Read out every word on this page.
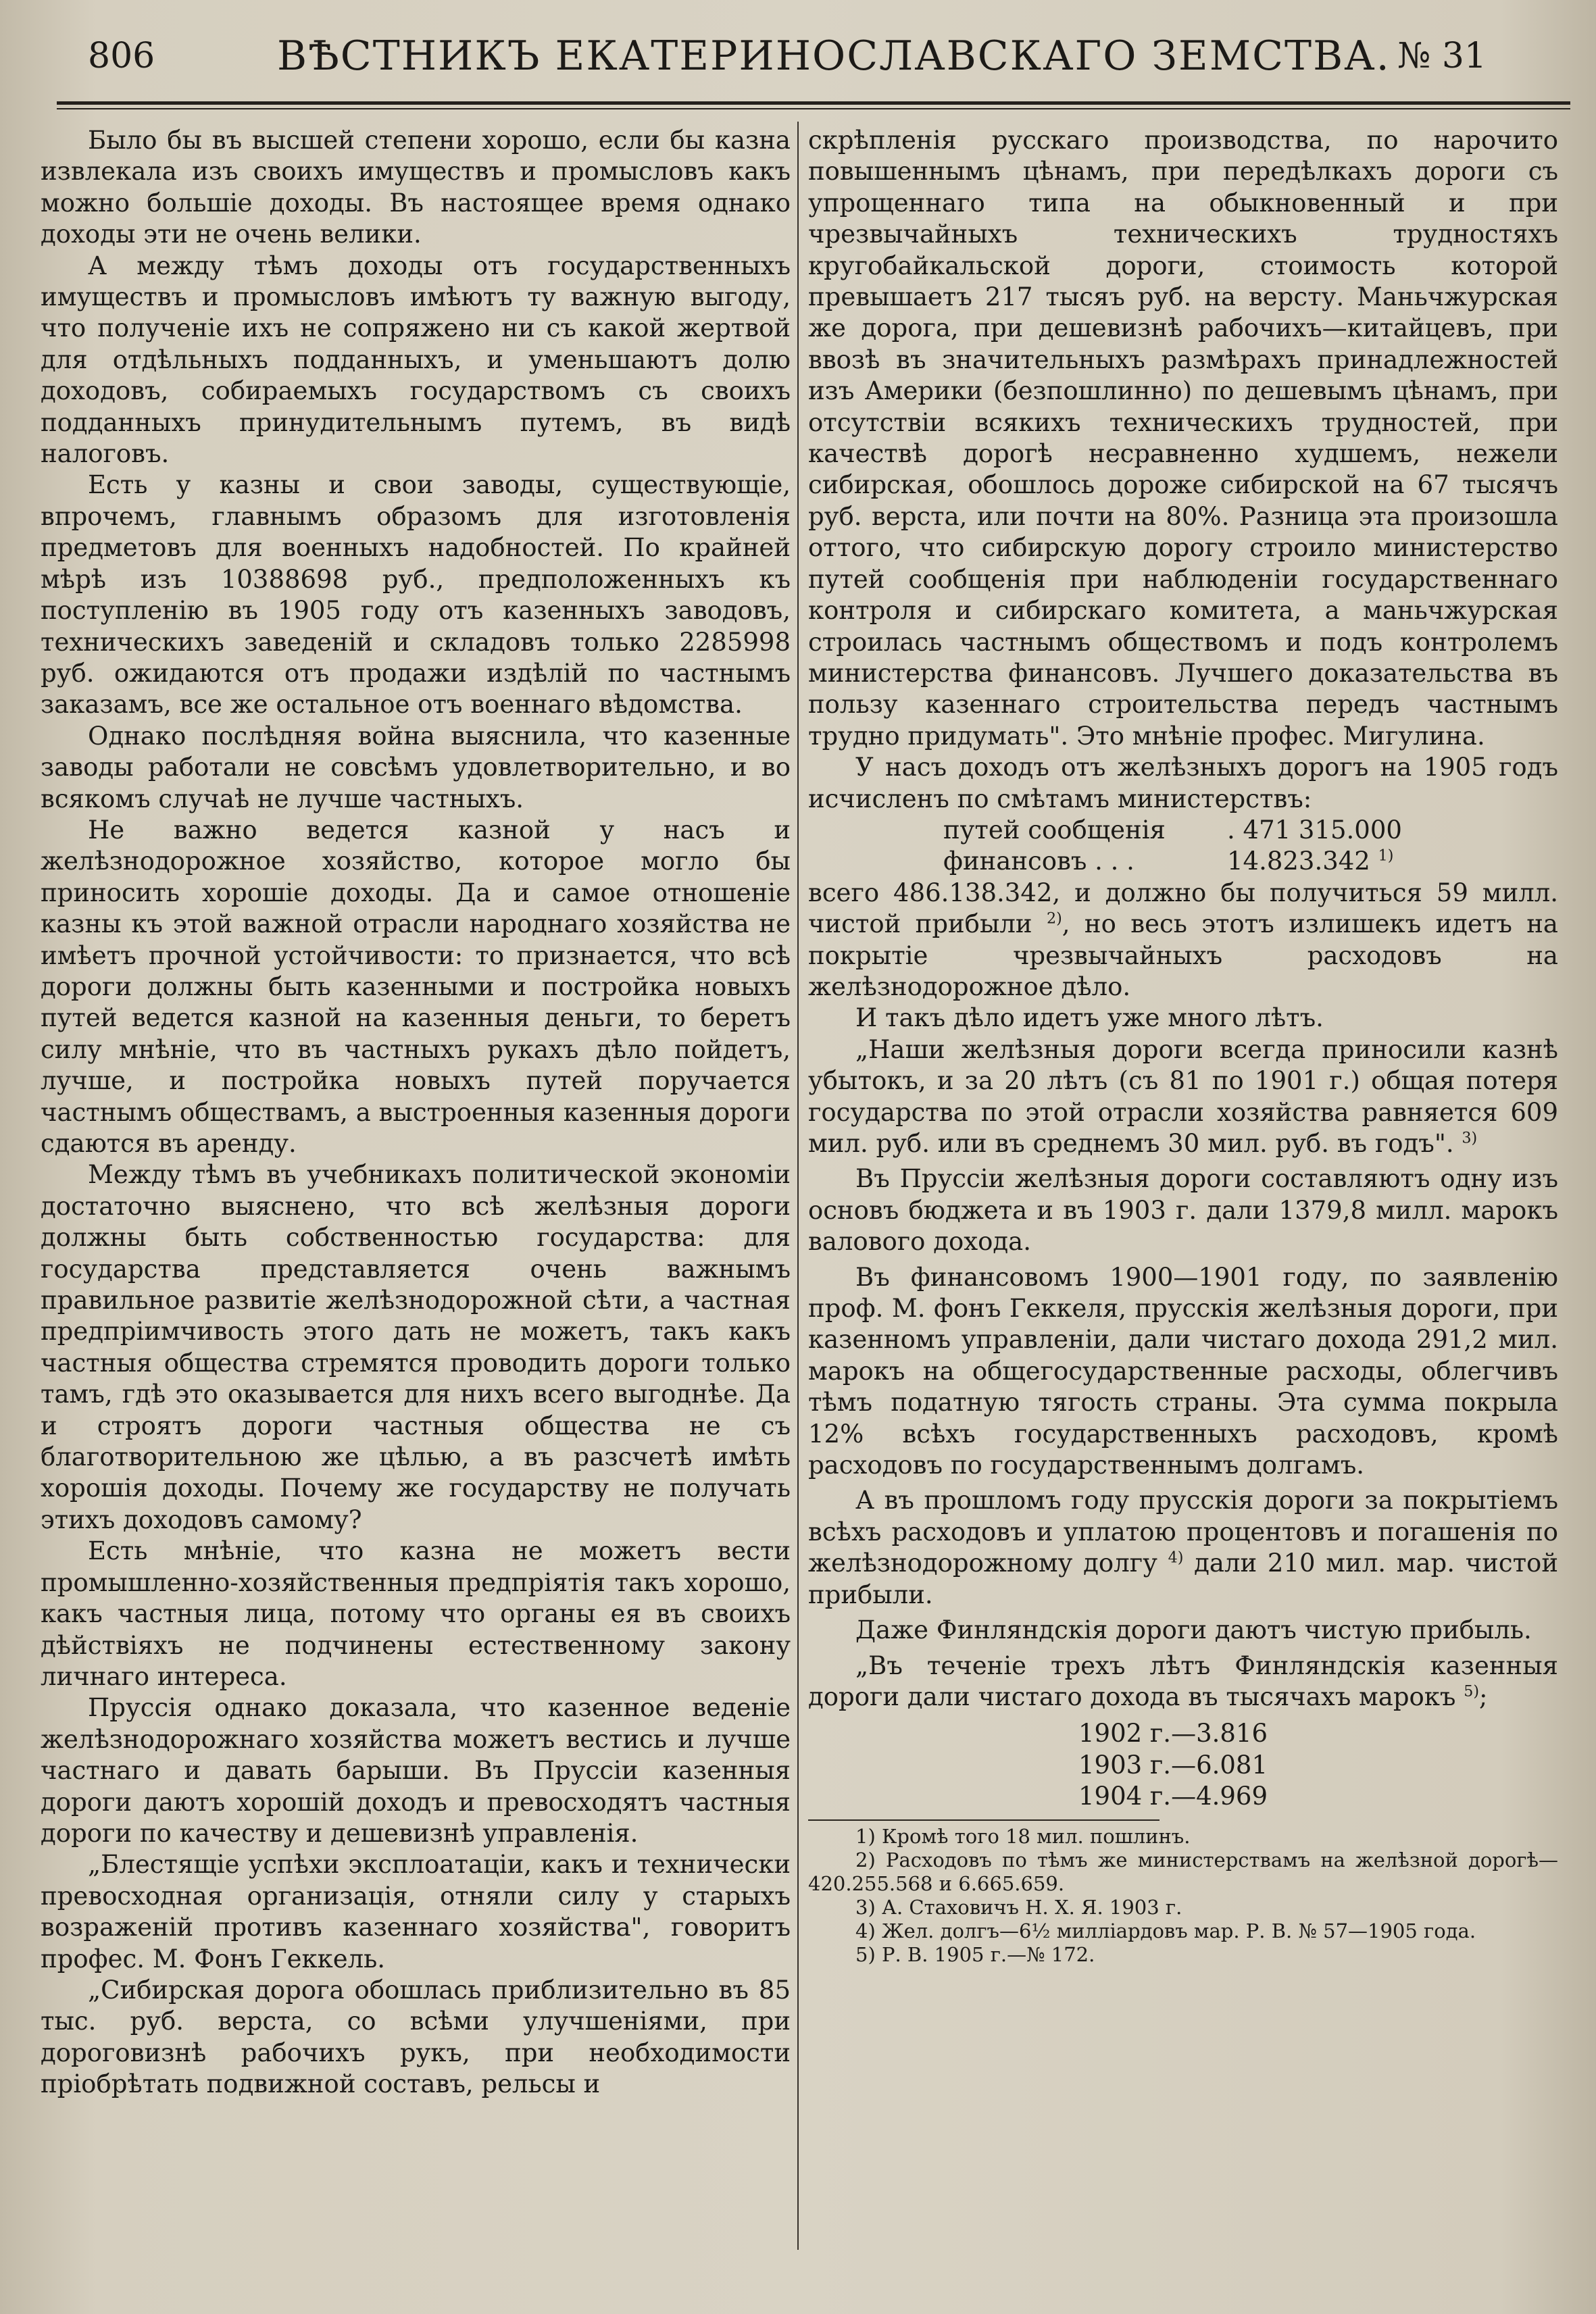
806	ВѢСТНИКЪ ЕКАТЕРИНОСЛАВСКАГО ЗЕМСТВА. № 31

Было бы въ высшей степени хорошо, если бы казна извлекала изъ своихъ имуществъ и промысловъ какъ можно большіе доходы. Въ настоящее время однако доходы эти не очень велики.

А между тѣмъ доходы отъ государственныхъ имуществъ и промысловъ имѣютъ ту важную выгоду, что полученіе ихъ не сопряжено ни съ какой жертвой для отдѣльныхъ подданныхъ, и уменьшаютъ долю доходовъ, собираемыхъ государствомъ съ своихъ подданныхъ принудительнымъ путемъ, въ видѣ налоговъ.

Есть у казны и свои заводы, существующіе, впрочемъ, главнымъ образомъ для изготовленія предметовъ для военныхъ надобностей. По крайней мѣрѣ изъ 10388698 руб., предположенныхъ къ поступленію въ 1905 году отъ казенныхъ заводовъ, техническихъ заведеній и складовъ только 2285998 руб. ожидаются отъ продажи издѣлій по частнымъ заказамъ, все же остальное отъ военнаго вѣдомства.

Однако послѣдняя война выяснила, что казенные заводы работали не совсѣмъ удовлетворительно, и во всякомъ случаѣ не лучше частныхъ.

Не важно ведется казной у насъ и желѣзнодорожное хозяйство, которое могло бы приносить хорошіе доходы. Да и самое отношеніе казны къ этой важной отрасли народнаго хозяйства не имѣетъ прочной устойчивости: то признается, что всѣ дороги должны быть казенными и постройка новыхъ путей ведется казной на казенныя деньги, то беретъ силу мнѣніе, что въ частныхъ рукахъ дѣло пойдетъ, лучше, и постройка новыхъ путей поручается частнымъ обществамъ, а выстроенныя казенныя дороги сдаются въ аренду.

Между тѣмъ въ учебникахъ политической экономіи достаточно выяснено, что всѣ желѣзныя дороги должны быть собственностью государства: для государства представляется очень важнымъ правильное развитіе желѣзнодорожной сѣти, а частная предпріимчивость этого дать не можетъ, такъ какъ частныя общества стремятся проводить дороги только тамъ, гдѣ это оказывается для нихъ всего выгоднѣе. Да и строятъ дороги частныя общества не съ благотворительною же цѣлью, а въ разсчетѣ имѣть хорошія доходы. Почему же государству не получать этихъ доходовъ самому?

Есть мнѣніе, что казна не можетъ вести промышленно-хозяйственныя предпріятія такъ хорошо, какъ частныя лица, потому что органы ея въ своихъ дѣйствіяхъ не подчинены естественному закону личнаго интереса.

Пруссія однако доказала, что казенное веденіе желѣзнодорожнаго хозяйства можетъ вестись и лучше частнаго и давать барыши. Въ Пруссіи казенныя дороги даютъ хорошій доходъ и превосходятъ частныя дороги по качеству и дешевизнѣ управленія.

„Блестящіе успѣхи эксплоатаціи, какъ и технически превосходная организація, отняли силу у старыхъ возраженій противъ казеннаго хозяйства", говоритъ профес. М. Фонъ Геккель.

„Сибирская дорога обошлась приблизительно въ 85 тыс. руб. верста, со всѣми улучшеніями, при дороговизнѣ рабочихъ рукъ, при необходимости пріобрѣтать подвижной составъ, рельсы и

скрѣпленія русскаго производства, по нарочито повышеннымъ цѣнамъ, при передѣлкахъ дороги съ упрощеннаго типа на обыкновенный и при чрезвычайныхъ техническихъ трудностяхъ кругобайкальской дороги, стоимость которой превышаетъ 217 тысяъ руб. на версту. Маньчжурская же дорога, при дешевизнѣ рабочихъ—китайцевъ, при ввозѣ въ значительныхъ размѣрахъ принадлежностей изъ Америки (безпошлинно) по дешевымъ цѣнамъ, при отсутствіи всякихъ техническихъ трудностей, при качествѣ дорогѣ несравненно худшемъ, нежели сибирская, обошлось дороже сибирской на 67 тысячъ руб. верста, или почти на 80%. Разница эта произошла оттого, что сибирскую дорогу строило министерство путей сообщенія при наблюденіи государственнаго контроля и сибирскаго комитета, а маньчжурская строилась частнымъ обществомъ и подъ контролемъ министерства финансовъ. Лучшего доказательства въ пользу казеннаго строительства передъ частнымъ трудно придумать". Это мнѣніе профес. Мигулина.

У насъ доходъ отъ желѣзныхъ дорогъ на 1905 годъ исчисленъ по смѣтамъ министерствъ:

путей сообщенія	. 471 315.000
финансовъ . . .	14.823.342 $^{1)}$

всего 486.138.342, и должно бы получиться 59 милл. чистой прибыли $^{2)}$, но весь этотъ излишекъ идетъ на покрытіе чрезвычайныхъ расходовъ на желѣзнодорожное дѣло.

И такъ дѣло идетъ уже много лѣтъ.

„Наши желѣзныя дороги всегда приносили казнѣ убытокъ, и за 20 лѣтъ (съ 81 по 1901 г.) общая потеря государства по этой отрасли хозяйства равняется 609 мил. руб. или въ среднемъ 30 мил. руб. въ годъ". $^{3)}$

Въ Пруссіи желѣзныя дороги составляютъ одну изъ основъ бюджета и въ 1903 г. дали 1379,8 милл. марокъ валового дохода.

Въ финансовомъ 1900—1901 году, по заявленію проф. М. фонъ Геккеля, прусскія желѣзныя дороги, при казенномъ управленіи, дали чистаго дохода 291,2 мил. марокъ на общегосударственные расходы, облегчивъ тѣмъ податную тягость страны. Эта сумма покрыла 12% всѣхъ государственныхъ расходовъ, кромѣ расходовъ по государственнымъ долгамъ.

А въ прошломъ году прусскія дороги за покрытіемъ всѣхъ расходовъ и уплатою процентовъ и погашенія по желѣзнодорожному долгу $^{4)}$ дали 210 мил. мар. чистой прибыли.

Даже Финляндскія дороги даютъ чистую прибыль.

„Въ теченіе трехъ лѣтъ Финляндскія казенныя дороги дали чистаго дохода въ тысячахъ марокъ $^{5)}$;

1902 г.—3.816
1903 г.—6.081
1904 г.—4.969

1) Кромѣ того 18 мил. пошлинъ.

2) Расходовъ по тѣмъ же министерствамъ на желѣзной дорогѣ—420.255.568 и 6.665.659.

3) А. Стаховичъ Н. Х. Я. 1903 г.

4) Жел. долгъ—6½ милліардовъ мар. Р. В. № 57—1905 года.

5) Р. В. 1905 г.—№ 172.
